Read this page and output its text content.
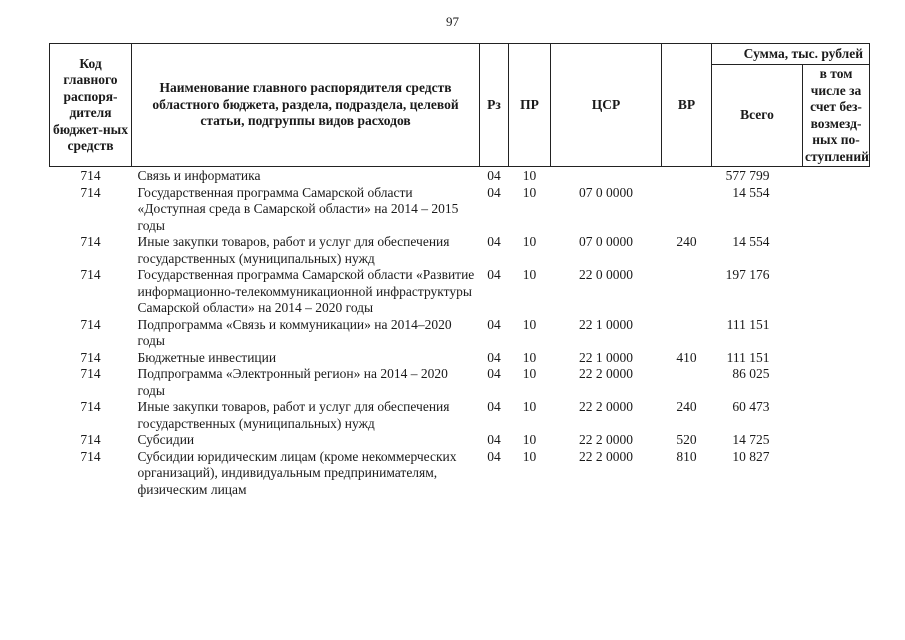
97
Код главного распоря-дителя бюджет-ных средств	Наименование главного распорядителя средств областного бюджета, раздела, подраздела, целевой статьи, подгруппы видов расходов	Рз	ПР	ЦСР	ВР	Сумма, тыс. рублей	
						Всего	в том числе за счет без-возмезд-ных по-ступлений
714	Связь и информатика	04	10			577 799	
714	Государственная программа Самарской области «Доступная среда в Самарской области» на 2014 – 2015 годы	04	10	07 0 0000		14 554	
714	Иные закупки товаров, работ и услуг для обеспечения государственных (муниципальных) нужд	04	10	07 0 0000	240	14 554	
714	Государственная программа Самарской области «Развитие информационно-телекоммуникационной инфраструктуры Самарской области» на 2014 – 2020 годы	04	10	22 0 0000		197 176	
714	Подпрограмма «Связь и коммуникации» на 2014–2020 годы	04	10	22 1 0000		111 151	
714	Бюджетные инвестиции	04	10	22 1 0000	410	111 151	
714	Подпрограмма «Электронный регион» на 2014 – 2020 годы	04	10	22 2 0000		86 025	
714	Иные закупки товаров, работ и услуг для обеспечения государственных (муниципальных) нужд	04	10	22 2 0000	240	60 473	
714	Субсидии	04	10	22 2 0000	520	14 725	
714	Субсидии юридическим лицам (кроме некоммерческих организаций), индивидуальным предпринимателям, физическим лицам	04	10	22 2 0000	810	10 827	
